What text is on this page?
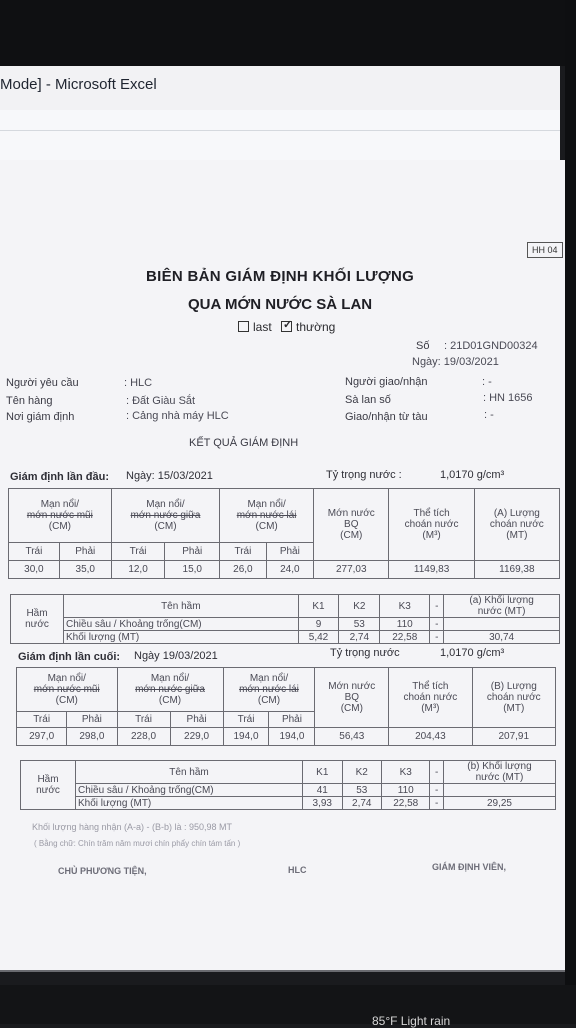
Mode] - Microsoft Excel
HH 04
BIÊN BẢN GIÁM ĐỊNH KHỐI LƯỢNG
QUA MỚN NƯỚC SÀ LAN
last ✓ thường
Số : 21D01GND00324
Ngày: 19/03/2021
Người yêu cầu	: HLC
Tên hàng	: Đất Giàu Sắt
Nơi giám định	: Cảng nhà máy HLC
Người giao/nhận	: -
Sà lan số	: HN 1656
Giao/nhận từ tàu	: -
KẾT QUẢ GIÁM ĐỊNH
Giám định lần đầu: Ngày: 15/03/2021	Tỷ trọng nước :	1,0170 g/cm³
Mạn nổi/
mớn nước mũi
(CM)		Mạn nổi/
mớn nước giữa
(CM)		Mạn nổi/
mớn nước lái
(CM)		Mớn nước
BQ
(CM)	Thể tích
choán nước
(M³)	(A) Lượng
choán nước
(MT)
Trái	Phải	Trái	Phải	Trái	Phải			
30,0	35,0	12,0	15,0	26,0	24,0	277,03	1149,83	1169,38
Hầm
nước	Tên hầm	K1	K2	K3	-	(a) Khối lượng
nước (MT)
	Chiều sâu / Khoảng trống(CM)	9	53	110	-	
	Khối lượng (MT)	5,42	2,74	22,58	-	30,74
Giám định lần cuối: Ngày 19/03/2021	Tỷ trọng nước	1,0170 g/cm³
Mạn nổi/
mớn nước mũi
(CM)		Mạn nổi/
mớn nước giữa
(CM)		Mạn nổi/
mớn nước lái
(CM)		Mớn nước
BQ
(CM)	Thể tích
choán nước
(M³)	(B) Lượng
choán nước
(MT)
Trái	Phải	Trái	Phải	Trái	Phải			
297,0	298,0	228,0	229,0	194,0	194,0	56,43	204,43	207,91
Hầm
nước	Tên hầm	K1	K2	K3	-	(b) Khối lượng
nước (MT)
	Chiều sâu / Khoảng trống(CM)	41	53	110	-	
	Khối lượng (MT)	3,93	2,74	22,58	-	29,25
Khối lượng hàng nhận (A-a) - (B-b) là : 950,98 MT
( Bằng chữ: Chín trăm năm mươi chín phẩy chín tám tấn )
CHỦ PHƯƠNG TIỆN,	HLC	GIÁM ĐỊNH VIÊN,
85°F Light rain
